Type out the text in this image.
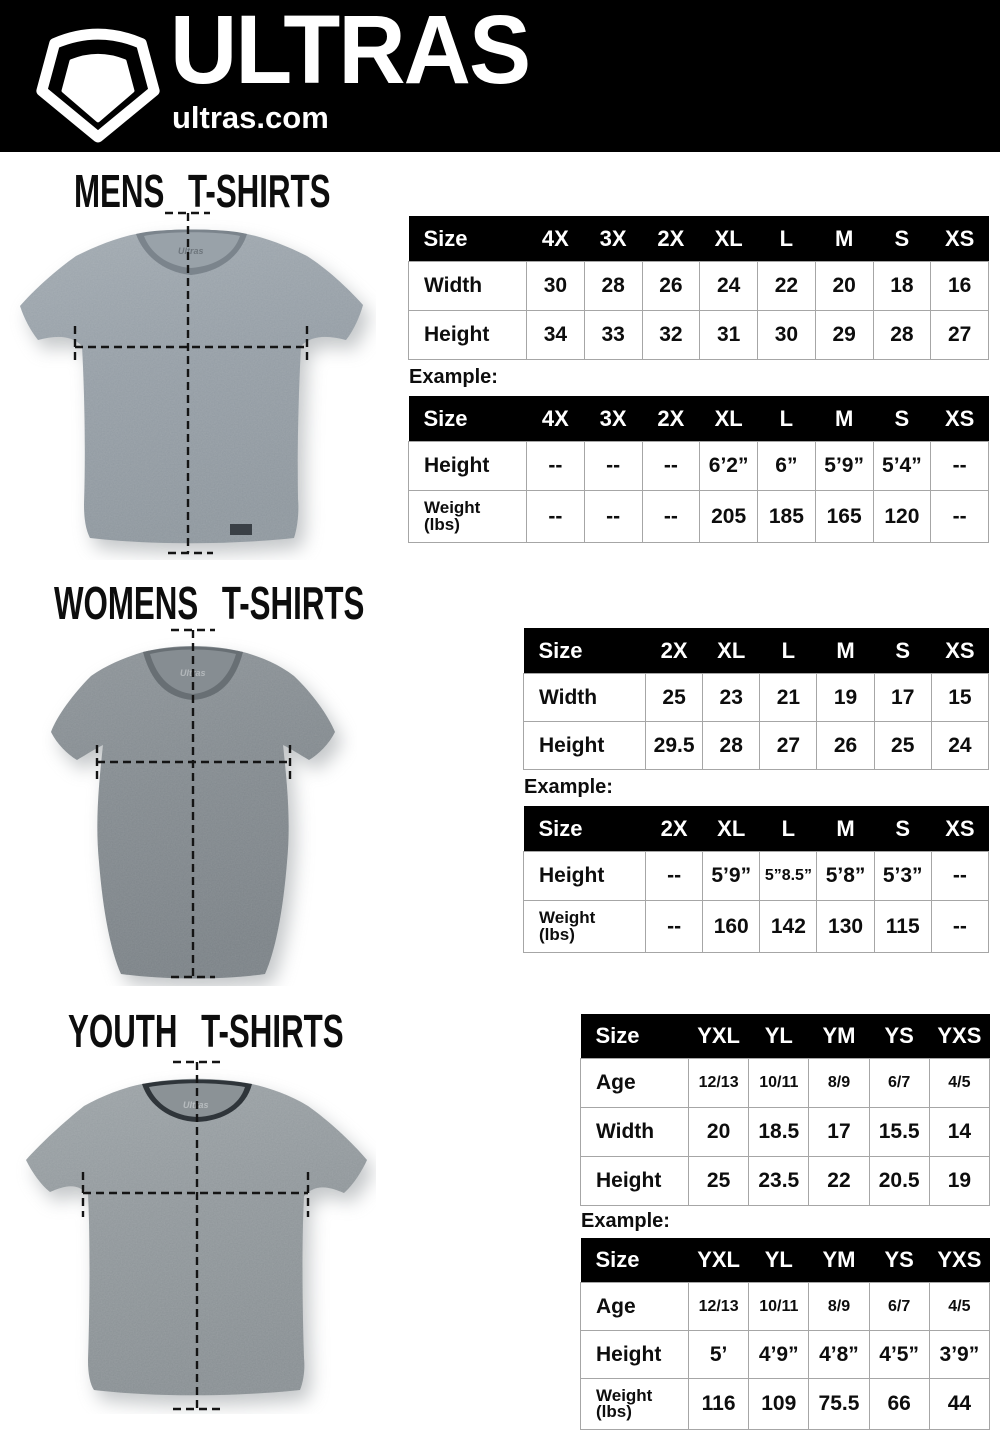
ULTRAS
ultras.com
MENS T-SHIRTS
Ultras
Size	4X	3X	2X	XL	L	M	S	XS
Width	30	28	26	24	22	20	18	16
Height	34	33	32	31	30	29	28	27
Example:
Size	4X	3X	2X	XL	L	M	S	XS
Height	--	--	--	6’2”	6”	5’9”	5’4”	--
Weight
(lbs)	--	--	--	205	185	165	120	--
WOMENS T-SHIRTS
Ultras
Size	2X	XL	L	M	S	XS
Width	25	23	21	19	17	15
Height	29.5	28	27	26	25	24
Example:
Size	2X	XL	L	M	S	XS
Height	--	5’9”	5”8.5”	5’8”	5’3”	--
Weight
(lbs)	--	160	142	130	115	--
YOUTH T-SHIRTS
Ultras
Size	YXL	YL	YM	YS	YXS
Age	12/13	10/11	8/9	6/7	4/5
Width	20	18.5	17	15.5	14
Height	25	23.5	22	20.5	19
Example:
Size	YXL	YL	YM	YS	YXS
Age	12/13	10/11	8/9	6/7	4/5
Height	5’	4’9”	4’8”	4’5”	3’9”
Weight
(lbs)	116	109	75.5	66	44
